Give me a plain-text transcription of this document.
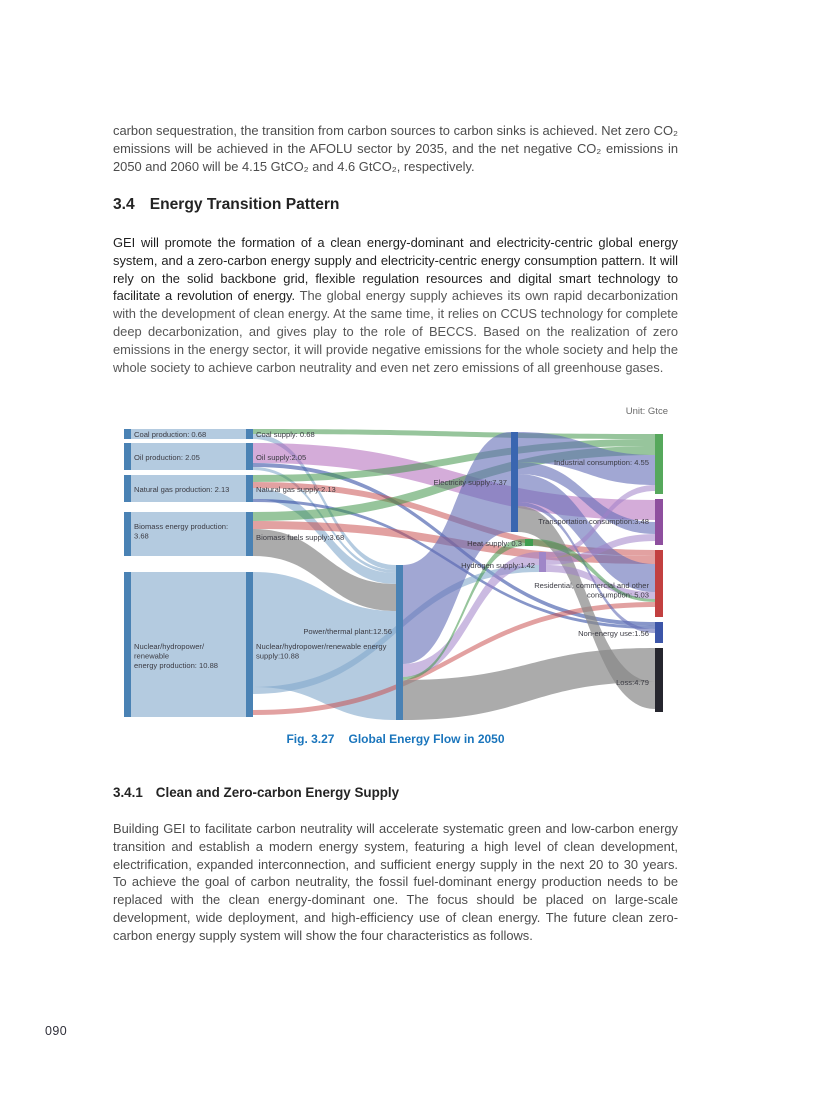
carbon sequestration, the transition from carbon sources to carbon sinks is achieved. Net zero CO₂ emissions will be achieved in the AFOLU sector by 2035, and the net negative CO₂ emissions in 2050 and 2060 will be 4.15 GtCO₂ and 4.6 GtCO₂, respectively.

3.4 Energy Transition Pattern

GEI will promote the formation of a clean energy-dominant and electricity-centric global energy system, and a zero-carbon energy supply and electricity-centric energy consumption pattern. It will rely on the solid backbone grid, flexible regulation resources and digital smart technology to facilitate a revolution of energy. The global energy supply achieves its own rapid decarbonization with the development of clean energy. At the same time, it relies on CCUS technology for complete deep decarbonization, and gives play to the role of BECCS. Based on the realization of zero emissions in the energy sector, it will provide negative emissions for the whole society and help the whole society to achieve carbon neutrality and even net zero emissions of all greenhouse gases.

Unit: Gtce
Coal production: 0.68
Oil production: 2.05
Natural gas production: 2.13
Biomass energy production: 3.68
Nuclear/hydropower/ renewable energy production: 10.88
Coal supply: 0.68
Oil supply:2.05
Natural gas supply:2.13
Biomass fuels supply:3.68
Nuclear/hydropower/renewable energy supply:10.88
Power/thermal plant:12.56
Electricity supply:7.37
Heat supply: 0.3
Hydrogen supply:1.42
Industrial consumption: 4.55
Transportation consumption:3.48
Residential, commercial and other consumption: 5.03
Non-energy use:1.56
Loss:4.79
Fig. 3.27 Global Energy Flow in 2050
3.4.1 Clean and Zero-carbon Energy Supply

Building GEI to facilitate carbon neutrality will accelerate systematic green and low-carbon energy transition and establish a modern energy system, featuring a high level of clean development, electrification, expanded interconnection, and sufficient energy supply in the next 20 to 30 years. To achieve the goal of carbon neutrality, the fossil fuel-dominant energy production needs to be replaced with the clean energy-dominant one. The focus should be placed on large-scale development, wide deployment, and high-efficiency use of clean energy. The future clean zero-carbon energy supply system will show the four characteristics as follows.

090
